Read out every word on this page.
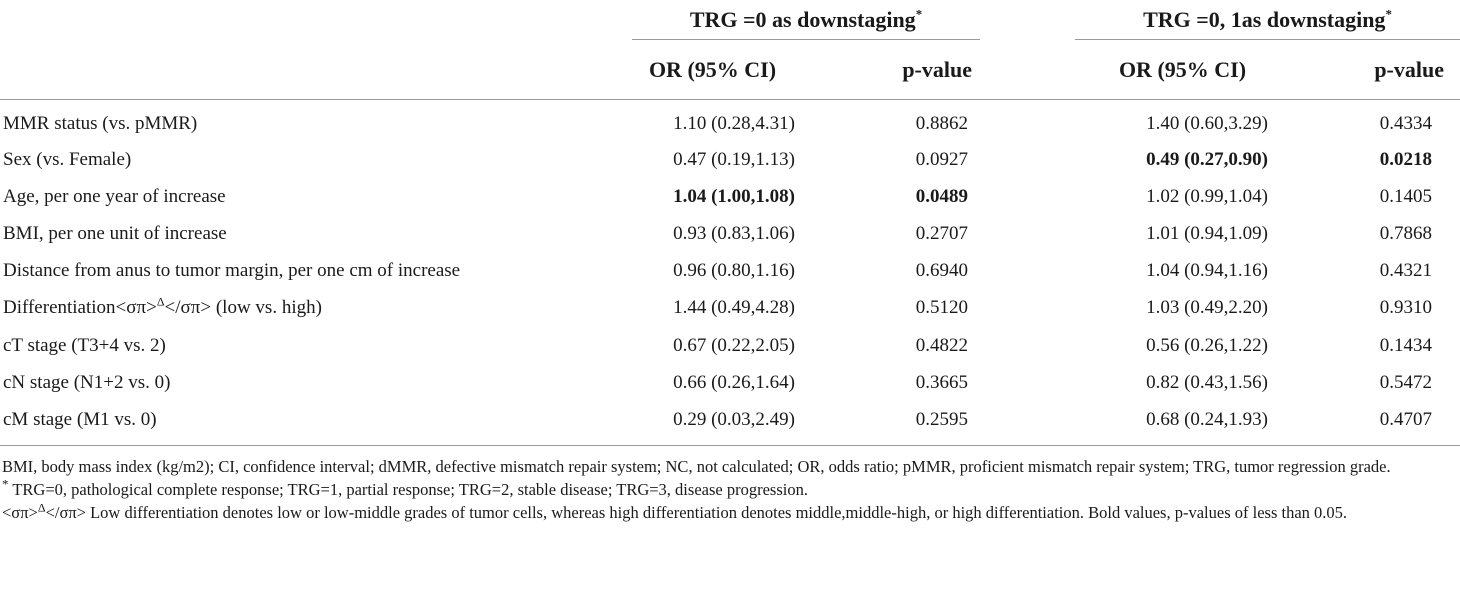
	TRG =0 as downstaging*			TRG =0, 1as downstaging*

	OR (95% CI)	p-value		OR (95% CI)	p-value
MMR status (vs. pMMR)	1.10 (0.28,4.31)	0.8862		1.40 (0.60,3.29)	0.4334
Sex (vs. Female)	0.47 (0.19,1.13)	0.0927		0.49 (0.27,0.90)	0.0218
Age, per one year of increase	1.04 (1.00,1.08)	0.0489		1.02 (0.99,1.04)	0.1405
BMI, per one unit of increase	0.93 (0.83,1.06)	0.2707		1.01 (0.94,1.09)	0.7868
Distance from anus to tumor margin, per one cm of increase	0.96 (0.80,1.16)	0.6940		1.04 (0.94,1.16)	0.4321
Differentiation<σπ>$^\Delta$</σπ> (low vs. high)	1.44 (0.49,4.28)	0.5120		1.03 (0.49,2.20)	0.9310
cT stage (T3+4 vs. 2)	0.67 (0.22,2.05)	0.4822		0.56 (0.26,1.22)	0.1434
cN stage (N1+2 vs. 0)	0.66 (0.26,1.64)	0.3665		0.82 (0.43,1.56)	0.5472
cM stage (M1 vs. 0)	0.29 (0.03,2.49)	0.2595		0.68 (0.24,1.93)	0.4707

BMI, body mass index (kg/m2); CI, confidence interval; dMMR, defective mismatch repair system; NC, not calculated; OR, odds ratio; pMMR, proficient mismatch repair system; TRG, tumor regression grade.

* TRG=0, pathological complete response; TRG=1, partial response; TRG=2, stable disease; TRG=3, disease progression.

<σπ>$^\Delta$</σπ> Low differentiation denotes low or low-middle grades of tumor cells, whereas high differentiation denotes middle,middle-high, or high differentiation. Bold values, p-values of less than 0.05.
